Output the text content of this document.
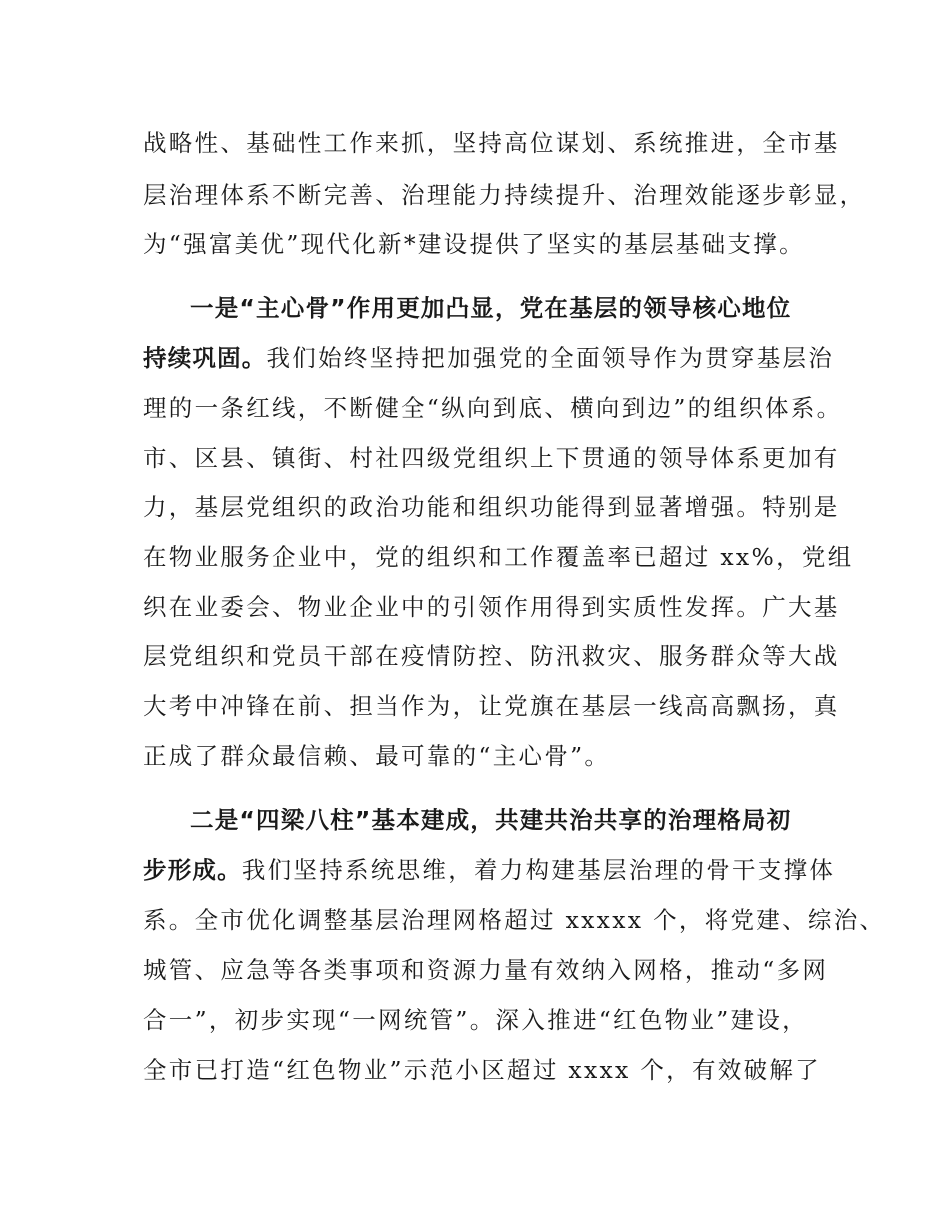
战略性、基础性工作来抓，坚持高位谋划、系统推进，全市基
层治理体系不断完善、治理能力持续提升、治理效能逐步彰显，
为“强富美优”现代化新*建设提供了坚实的基层基础支撑。
一是“主心骨”作用更加凸显，党在基层的领导核心地位
持续巩固。我们始终坚持把加强党的全面领导作为贯穿基层治
理的一条红线，不断健全“纵向到底、横向到边”的组织体系。
市、区县、镇街、村社四级党组织上下贯通的领导体系更加有
力，基层党组织的政治功能和组织功能得到显著增强。特别是
在物业服务企业中，党的组织和工作覆盖率已超过 xx%，党组
织在业委会、物业企业中的引领作用得到实质性发挥。广大基
层党组织和党员干部在疫情防控、防汛救灾、服务群众等大战
大考中冲锋在前、担当作为，让党旗在基层一线高高飘扬，真
正成了群众最信赖、最可靠的“主心骨”。
二是“四梁八柱”基本建成，共建共治共享的治理格局初
步形成。我们坚持系统思维，着力构建基层治理的骨干支撑体
系。全市优化调整基层治理网格超过 xxxxx 个，将党建、综治、
城管、应急等各类事项和资源力量有效纳入网格，推动“多网
合一”，初步实现“一网统管”。深入推进“红色物业”建设，
全市已打造“红色物业”示范小区超过 xxxx 个，有效破解了
